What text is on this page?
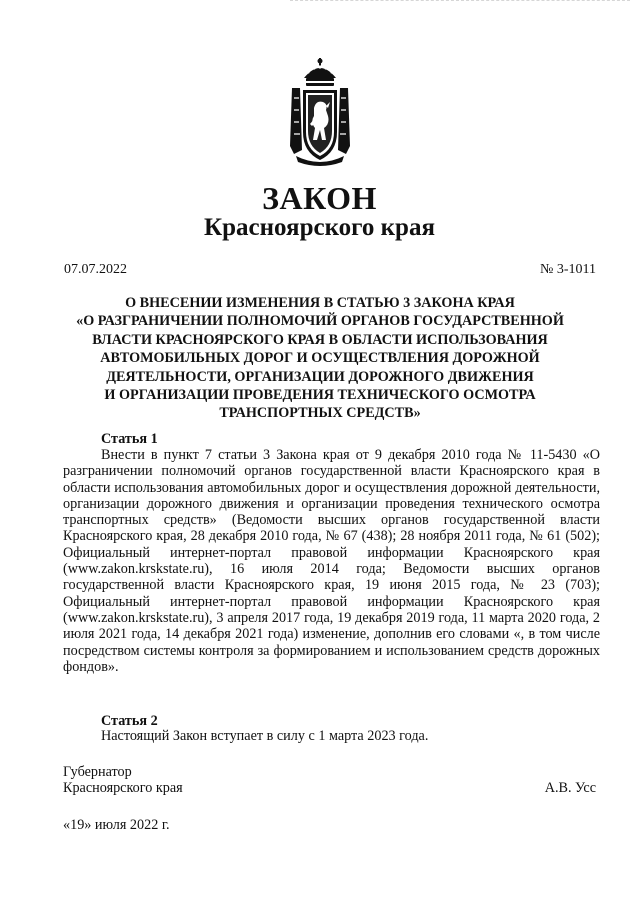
ЗАКОН
Красноярского края
07.07.2022	№ 3-1011
О ВНЕСЕНИИ ИЗМЕНЕНИЯ В СТАТЬЮ 3 ЗАКОНА КРАЯ
«О РАЗГРАНИЧЕНИИ ПОЛНОМОЧИЙ ОРГАНОВ ГОСУДАРСТВЕННОЙ
ВЛАСТИ КРАСНОЯРСКОГО КРАЯ В ОБЛАСТИ ИСПОЛЬЗОВАНИЯ
АВТОМОБИЛЬНЫХ ДОРОГ И ОСУЩЕСТВЛЕНИЯ ДОРОЖНОЙ
ДЕЯТЕЛЬНОСТИ, ОРГАНИЗАЦИИ ДОРОЖНОГО ДВИЖЕНИЯ
И ОРГАНИЗАЦИИ ПРОВЕДЕНИЯ ТЕХНИЧЕСКОГО ОСМОТРА
ТРАНСПОРТНЫХ СРЕДСТВ»
Статья 1
Внести в пункт 7 статьи 3 Закона края от 9 декабря 2010 года № 11-5430 «О разграничении полномочий органов государственной власти Красноярского края в области использования автомобильных дорог и осуществления дорожной деятельности, организации дорожного движения и организации проведения технического осмотра транспортных средств» (Ведомости высших органов государственной власти Красноярского края, 28 декабря 2010 года, № 67 (438); 28 ноября 2011 года, № 61 (502); Официальный интернет-портал правовой информации Красноярского края (www.zakon.krskstate.ru), 16 июля 2014 года; Ведомости высших органов государственной власти Красноярского края, 19 июня 2015 года, № 23 (703); Официальный интернет-портал правовой информации Красноярского края (www.zakon.krskstate.ru), 3 апреля 2017 года, 19 декабря 2019 года, 11 марта 2020 года, 2 июля 2021 года, 14 декабря 2021 года) изменение, дополнив его словами «, в том числе посредством системы контроля за формированием и использованием средств дорожных фондов».
Статья 2
Настоящий Закон вступает в силу с 1 марта 2023 года.
Губернатор
Красноярского края	А.В. Усс
«19» июля 2022 г.
